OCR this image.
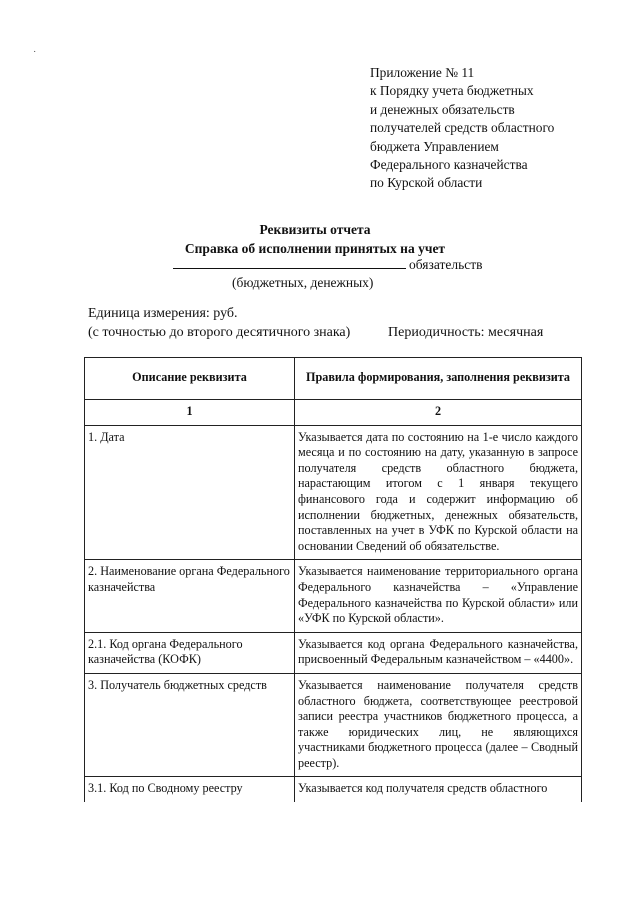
˙
Приложение № 11
к Порядку учета бюджетных
и денежных обязательств
получателей средств областного
бюджета Управлением
Федерального казначейства
по Курской области
Реквизиты отчета
Справка об исполнении принятых на учет
обязательств
(бюджетных, денежных)
Единица измерения: руб.
(с точностью до второго десятичного знака)	Периодичность: месячная
Описание реквизита	Правила формирования, заполнения реквизита
1	2
1. Дата	Указывается дата по состоянию на 1-е число каждого месяца и по состоянию на дату, указанную в запросе получателя средств областного бюджета, нарастающим итогом с 1 января текущего финансового года и содержит информацию об исполнении бюджетных, денежных обязательств, поставленных на учет в УФК по Курской области на основании Сведений об обязательстве.
2. Наименование органа Федерального казначейства	Указывается наименование территориального органа Федерального казначейства – «Управление Федерального казначейства по Курской области» или «УФК по Курской области».
2.1. Код органа Федерального казначейства (КОФК)	Указывается код органа Федерального казначейства, присвоенный Федеральным казначейством – «4400».
3. Получатель бюджетных средств	Указывается наименование получателя средств областного бюджета, соответствующее реестровой записи реестра участников бюджетного процесса, а также юридических лиц, не являющихся участниками бюджетного процесса (далее – Сводный реестр).
3.1. Код по Сводному реестру	Указывается код получателя средств областного
